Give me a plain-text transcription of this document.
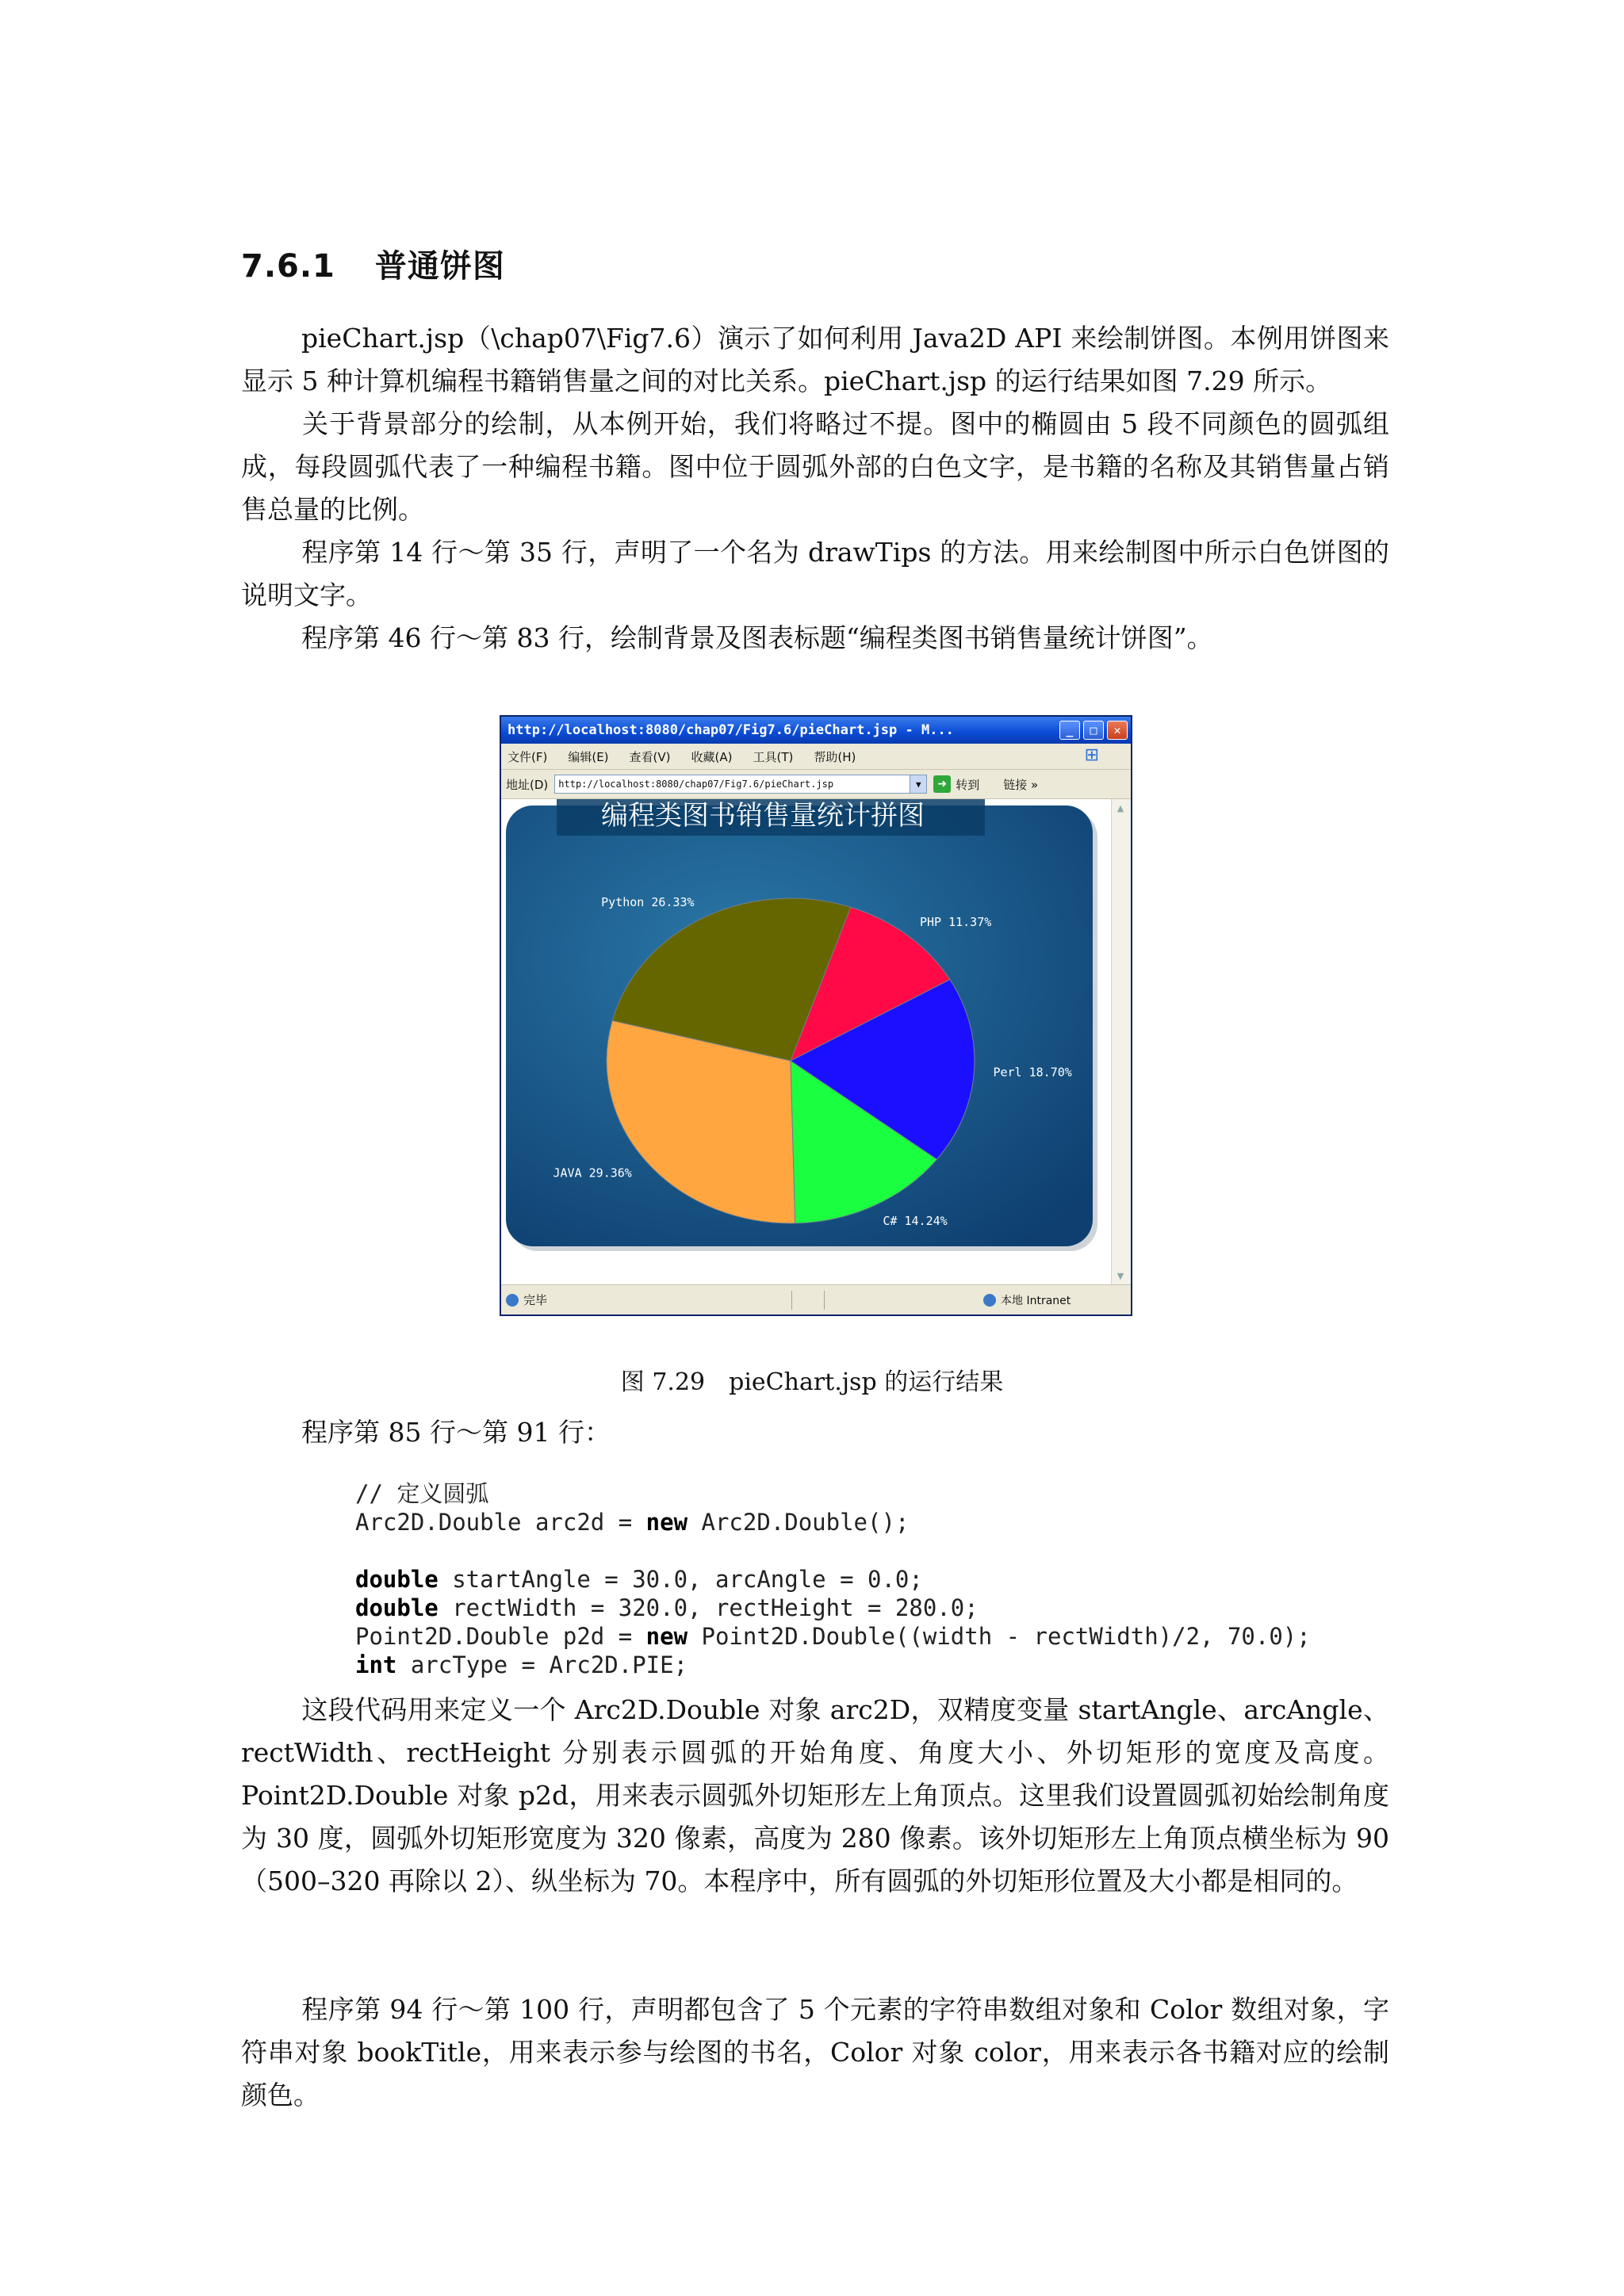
7.6.1 普通饼图

pieChart.jsp（\chap07\Fig7.6）演示了如何利用 Java2D API 来绘制饼图。本例用饼图来显示 5 种计算机编程书籍销售量之间的对比关系。pieChart.jsp 的运行结果如图 7.29 所示。

关于背景部分的绘制，从本例开始，我们将略过不提。图中的椭圆由 5 段不同颜色的圆弧组成，每段圆弧代表了一种编程书籍。图中位于圆弧外部的白色文字，是书籍的名称及其销售量占销售总量的比例。

程序第 14 行～第 35 行，声明了一个名为 drawTips 的方法。用来绘制图中所示白色饼图的说明文字。

程序第 46 行～第 83 行，绘制背景及图表标题“编程类图书销售量统计饼图”。

http://localhost:8080/chap07/Fig7.6/pieChart.jsp - M...	_	□	✕
文件(F) 编辑(E) 查看(V) 收藏(A) 工具(T) 帮助(H)	⊞
地址(D) http://localhost:8080/chap07/Fig7.6/pieChart.jsp	▼	➜ 转到 链接 »
编程类图书销售量统计拼图
PHP 11.37%
Python 26.33%
JAVA 29.36%
C# 14.24%
Perl 18.70%
▲
▼
完毕	本地 Intranet
图 7.29　pieChart.jsp 的运行结果

程序第 85 行～第 91 行：

// 定义圆弧
Arc2D.Double arc2d = new Arc2D.Double();

double startAngle = 30.0, arcAngle = 0.0;
double rectWidth = 320.0, rectHeight = 280.0;
Point2D.Double p2d = new Point2D.Double((width - rectWidth)/2, 70.0);
int arcType = Arc2D.PIE;

这段代码用来定义一个 Arc2D.Double 对象 arc2D，双精度变量 startAngle、arcAngle、rectWidth、rectHeight 分别表示圆弧的开始角度、角度大小、外切矩形的宽度及高度。Point2D.Double 对象 p2d，用来表示圆弧外切矩形左上角顶点。这里我们设置圆弧初始绘制角度为 30 度，圆弧外切矩形宽度为 320 像素，高度为 280 像素。该外切矩形左上角顶点横坐标为 90（500–320 再除以 2）、纵坐标为 70。本程序中，所有圆弧的外切矩形位置及大小都是相同的。

程序第 94 行～第 100 行，声明都包含了 5 个元素的字符串数组对象和 Color 数组对象，字符串对象 bookTitle，用来表示参与绘图的书名，Color 对象 color，用来表示各书籍对应的绘制颜色。
